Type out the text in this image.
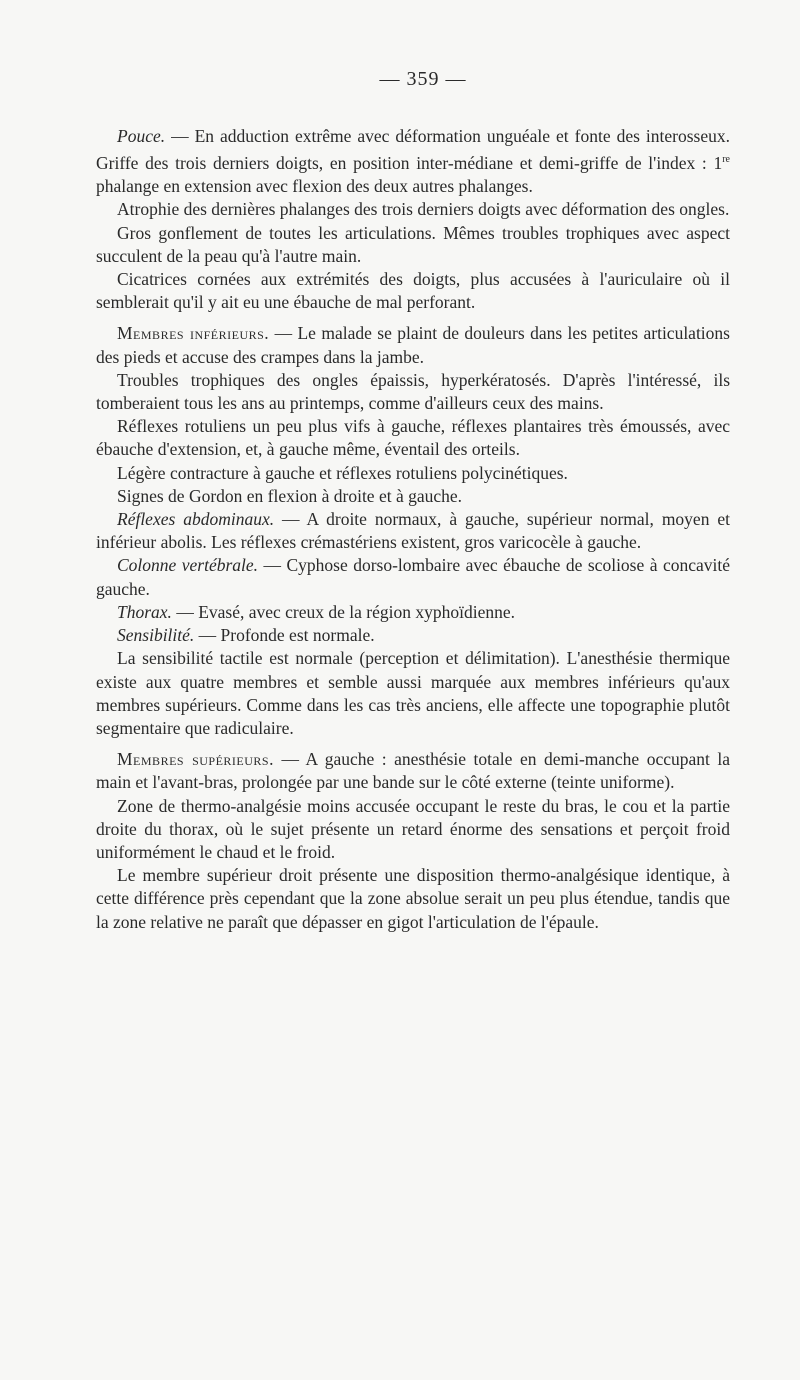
— 359 —

Pouce. — En adduction extrême avec déformation unguéale et fonte des interosseux. Griffe des trois derniers doigts, en position inter-médiane et demi-griffe de l'index : 1re phalange en extension avec flexion des deux autres phalanges.

Atrophie des dernières phalanges des trois derniers doigts avec déformation des ongles.

Gros gonflement de toutes les articulations. Mêmes troubles trophiques avec aspect succulent de la peau qu'à l'autre main.

Cicatrices cornées aux extrémités des doigts, plus accusées à l'auriculaire où il semblerait qu'il y ait eu une ébauche de mal perforant.

Membres inférieurs. — Le malade se plaint de douleurs dans les petites articulations des pieds et accuse des crampes dans la jambe.

Troubles trophiques des ongles épaissis, hyperkératosés. D'après l'intéressé, ils tomberaient tous les ans au printemps, comme d'ailleurs ceux des mains.

Réflexes rotuliens un peu plus vifs à gauche, réflexes plantaires très émoussés, avec ébauche d'extension, et, à gauche même, éventail des orteils.

Légère contracture à gauche et réflexes rotuliens polycinétiques.

Signes de Gordon en flexion à droite et à gauche.

Réflexes abdominaux. — A droite normaux, à gauche, supérieur normal, moyen et inférieur abolis. Les réflexes crémastériens existent, gros varicocèle à gauche.

Colonne vertébrale. — Cyphose dorso-lombaire avec ébauche de scoliose à concavité gauche.

Thorax. — Evasé, avec creux de la région xyphoïdienne.

Sensibilité. — Profonde est normale.

La sensibilité tactile est normale (perception et délimitation). L'anesthésie thermique existe aux quatre membres et semble aussi marquée aux membres inférieurs qu'aux membres supérieurs. Comme dans les cas très anciens, elle affecte une topographie plutôt segmentaire que radiculaire.

Membres supérieurs. — A gauche : anesthésie totale en demi-manche occupant la main et l'avant-bras, prolongée par une bande sur le côté externe (teinte uniforme).

Zone de thermo-analgésie moins accusée occupant le reste du bras, le cou et la partie droite du thorax, où le sujet présente un retard énorme des sensations et perçoit froid uniformément le chaud et le froid.

Le membre supérieur droit présente une disposition thermo-analgésique identique, à cette différence près cependant que la zone absolue serait un peu plus étendue, tandis que la zone relative ne paraît que dépasser en gigot l'articulation de l'épaule.
